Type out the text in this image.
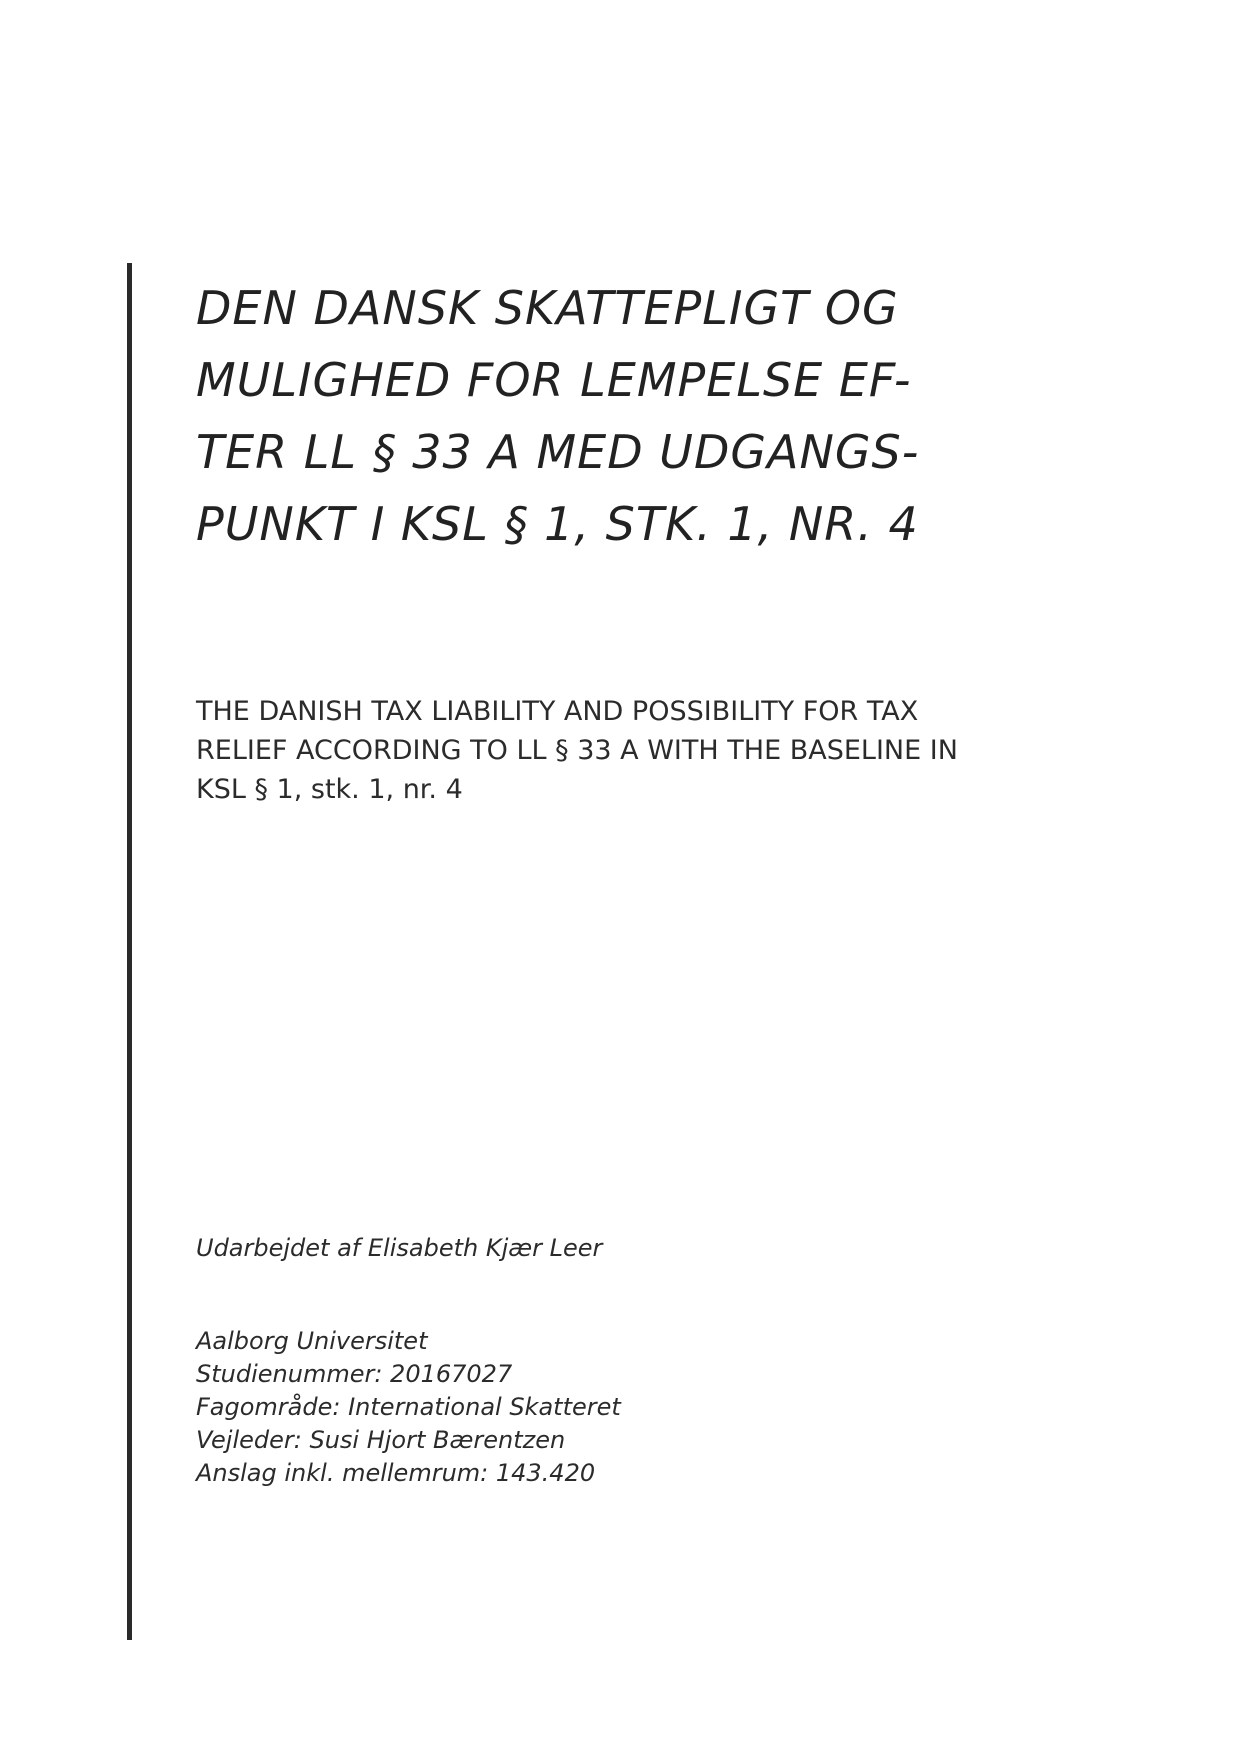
DEN DANSK SKATTEPLIGT OG
MULIGHED FOR LEMPELSE EF-
TER LL § 33 A MED UDGANGS-
PUNKT I KSL § 1, STK. 1, NR. 4
THE DANISH TAX LIABILITY AND POSSIBILITY FOR TAX
RELIEF ACCORDING TO LL § 33 A WITH THE BASELINE IN
KSL § 1, stk. 1, nr. 4

Udarbejdet af Elisabeth Kjær Leer

Aalborg Universitet
Studienummer: 20167027
Fagområde: International Skatteret
Vejleder: Susi Hjort Bærentzen
Anslag inkl. mellemrum: 143.420
